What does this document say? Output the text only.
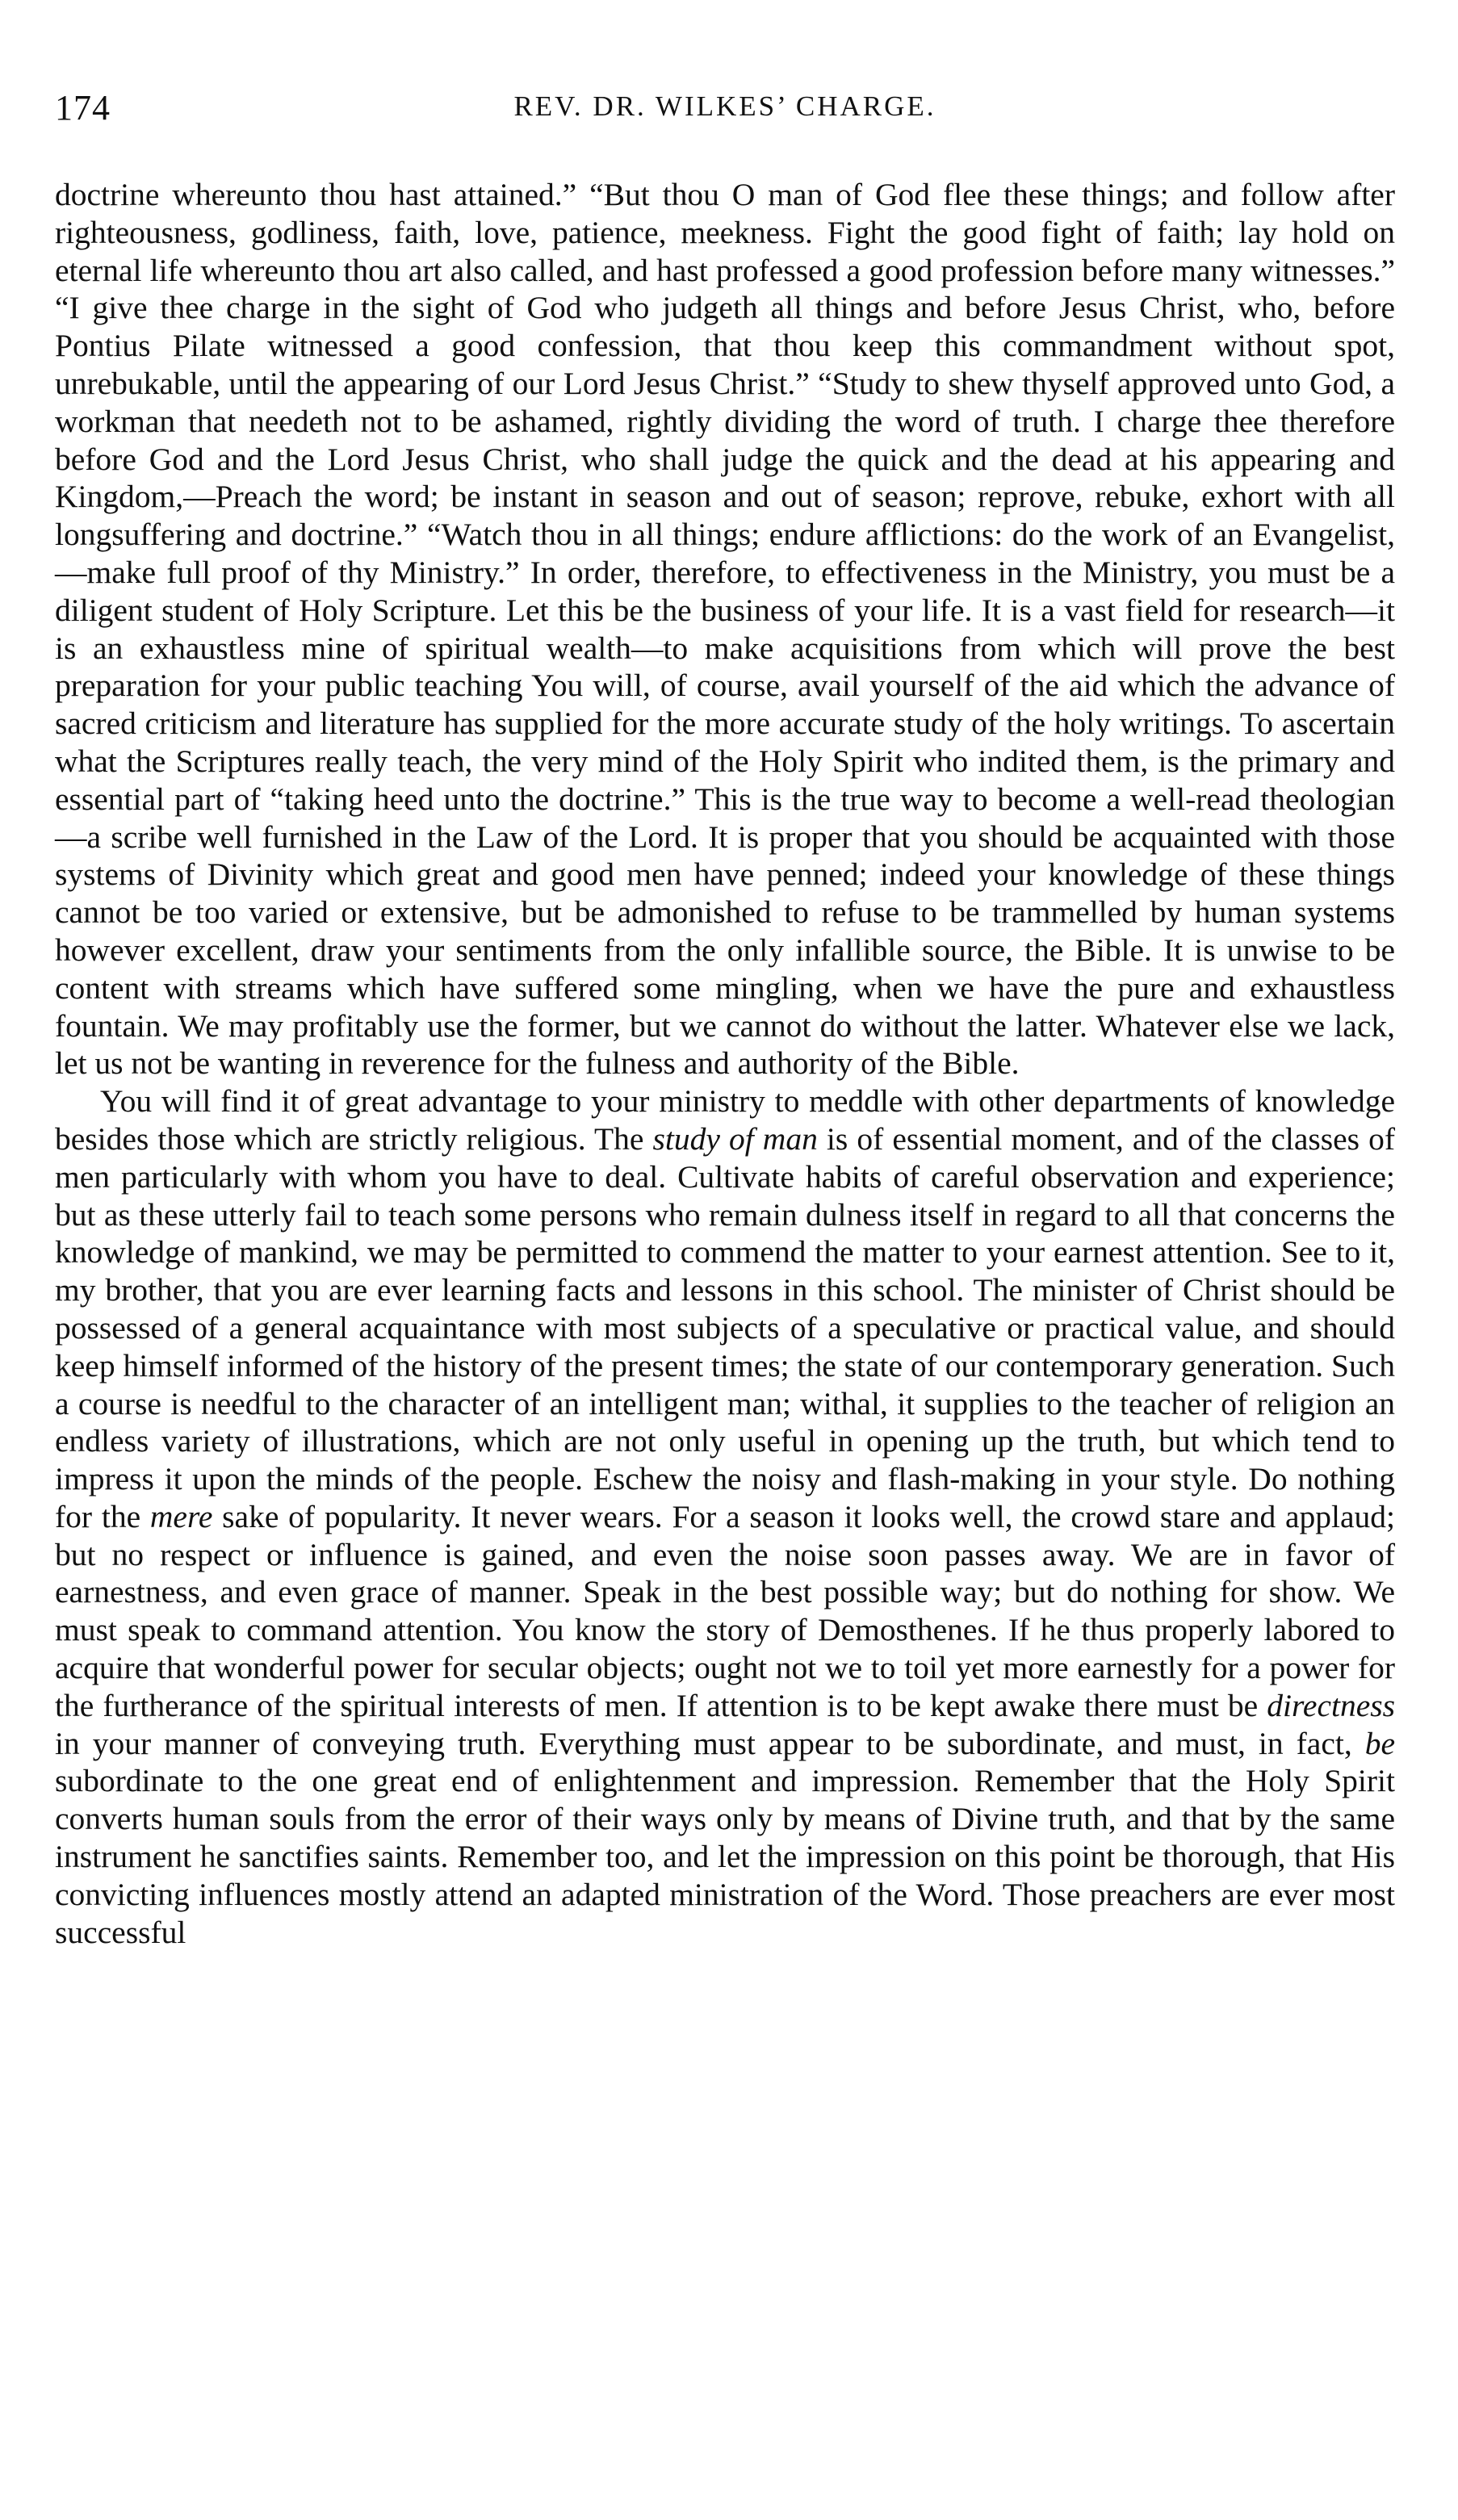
174	REV. DR. WILKES’ CHARGE.

doctrine whereunto thou hast attained.” “But thou O man of God flee these things; and follow after righteousness, godliness, faith, love, patience, meekness. Fight the good fight of faith; lay hold on eternal life whereunto thou art also called, and hast professed a good profession before many witnesses.” “I give thee charge in the sight of God who judgeth all things and before Jesus Christ, who, before Pontius Pilate witnessed a good confession, that thou keep this commandment without spot, unrebukable, until the appearing of our Lord Jesus Christ.” “Study to shew thyself approved unto God, a workman that needeth not to be ashamed, rightly dividing the word of truth. I charge thee therefore before God and the Lord Jesus Christ, who shall judge the quick and the dead at his appearing and Kingdom,—Preach the word; be instant in season and out of season; reprove, rebuke, exhort with all longsuffering and doctrine.” “Watch thou in all things; endure afflictions: do the work of an Evangelist,—make full proof of thy Ministry.” In order, therefore, to effectiveness in the Ministry, you must be a diligent student of Holy Scripture. Let this be the business of your life. It is a vast field for research—it is an exhaustless mine of spiritual wealth—to make acquisitions from which will prove the best preparation for your public teaching You will, of course, avail yourself of the aid which the advance of sacred criticism and literature has supplied for the more accurate study of the holy writings. To ascertain what the Scriptures really teach, the very mind of the Holy Spirit who indited them, is the primary and essential part of “taking heed unto the doctrine.” This is the true way to become a well-read theologian—a scribe well furnished in the Law of the Lord. It is proper that you should be acquainted with those systems of Divinity which great and good men have penned; indeed your knowledge of these things cannot be too varied or extensive, but be admonished to refuse to be trammelled by human systems however excellent, draw your sentiments from the only infallible source, the Bible. It is unwise to be content with streams which have suffered some mingling, when we have the pure and exhaustless fountain. We may profitably use the former, but we cannot do without the latter. Whatever else we lack, let us not be wanting in reverence for the fulness and authority of the Bible.

You will find it of great advantage to your ministry to meddle with other departments of knowledge besides those which are strictly religious. The study of man is of essential moment, and of the classes of men particularly with whom you have to deal. Cultivate habits of careful observation and experience; but as these utterly fail to teach some persons who remain dulness itself in regard to all that concerns the knowledge of mankind, we may be permitted to commend the matter to your earnest attention. See to it, my brother, that you are ever learning facts and lessons in this school. The minister of Christ should be possessed of a general acquaintance with most subjects of a speculative or practical value, and should keep himself informed of the history of the present times; the state of our contemporary generation. Such a course is needful to the character of an intelligent man; withal, it supplies to the teacher of religion an endless variety of illustrations, which are not only useful in opening up the truth, but which tend to impress it upon the minds of the people. Eschew the noisy and flash-making in your style. Do nothing for the mere sake of popularity. It never wears. For a season it looks well, the crowd stare and applaud; but no respect or influence is gained, and even the noise soon passes away. We are in favor of earnestness, and even grace of manner. Speak in the best possible way; but do nothing for show. We must speak to command attention. You know the story of Demosthenes. If he thus properly labored to acquire that wonderful power for secular objects; ought not we to toil yet more earnestly for a power for the furtherance of the spiritual interests of men. If attention is to be kept awake there must be directness in your manner of conveying truth. Everything must appear to be subordinate, and must, in fact, be subordinate to the one great end of enlightenment and impression. Remember that the Holy Spirit converts human souls from the error of their ways only by means of Divine truth, and that by the same instrument he sanctifies saints. Remember too, and let the impression on this point be thorough, that His convicting influences mostly attend an adapted ministration of the Word. Those preachers are ever most successful
